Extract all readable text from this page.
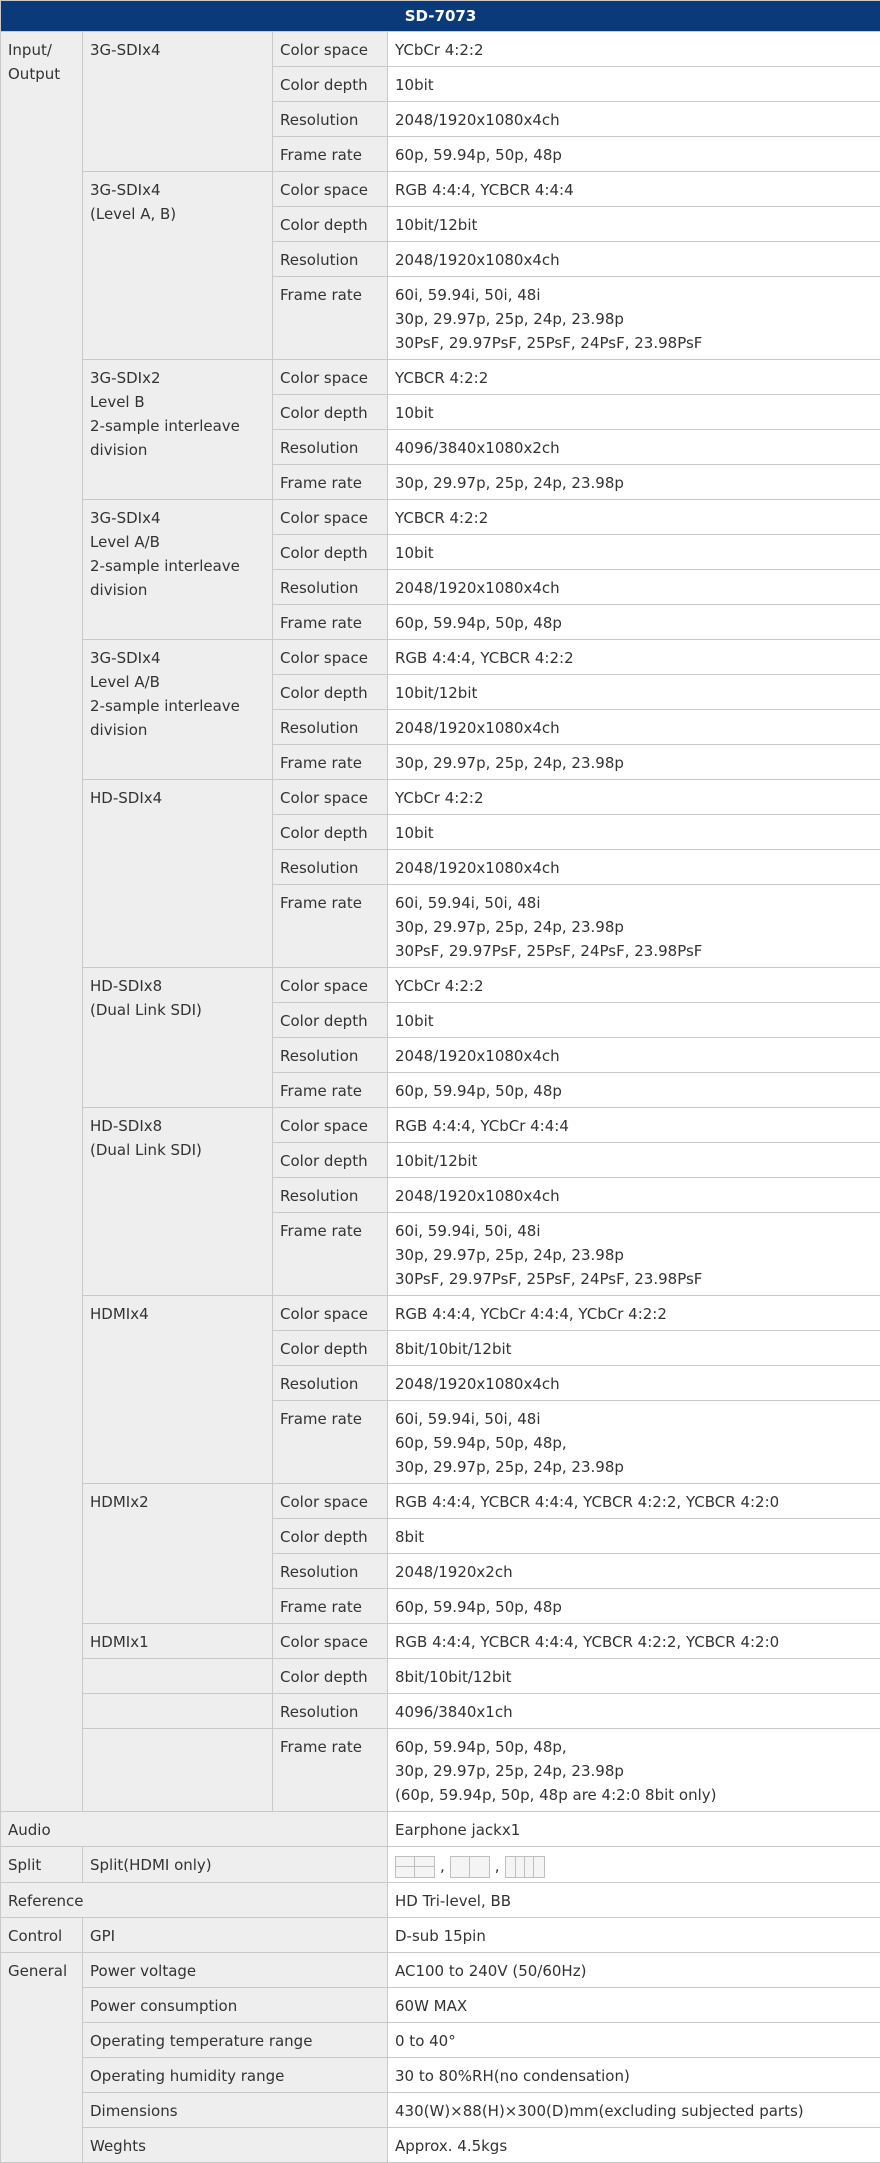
SD-7073			

Input/
Output	3G-SDIx4	Color space	YCbCr 4:2:2

		Color depth	10bit

		Resolution	2048/1920x1080x4ch

		Frame rate	60p, 59.94p, 50p, 48p

	3G-SDIx4
(Level A, B)	Color space	RGB 4:4:4, YCBCR 4:4:4

		Color depth	10bit/12bit

		Resolution	2048/1920x1080x4ch

		Frame rate	60i, 59.94i, 50i, 48i
30p, 29.97p, 25p, 24p, 23.98p
30PsF, 29.97PsF, 25PsF, 24PsF, 23.98PsF

	3G-SDIx2
Level B
2-sample interleave
division	Color space	YCBCR 4:2:2

		Color depth	10bit

		Resolution	4096/3840x1080x2ch

		Frame rate	30p, 29.97p, 25p, 24p, 23.98p

	3G-SDIx4
Level A/B
2-sample interleave
division	Color space	YCBCR 4:2:2

		Color depth	10bit

		Resolution	2048/1920x1080x4ch

		Frame rate	60p, 59.94p, 50p, 48p

	3G-SDIx4
Level A/B
2-sample interleave
division	Color space	RGB 4:4:4, YCBCR 4:2:2

		Color depth	10bit/12bit

		Resolution	2048/1920x1080x4ch

		Frame rate	30p, 29.97p, 25p, 24p, 23.98p

	HD-SDIx4	Color space	YCbCr 4:2:2

		Color depth	10bit

		Resolution	2048/1920x1080x4ch

		Frame rate	60i, 59.94i, 50i, 48i
30p, 29.97p, 25p, 24p, 23.98p
30PsF, 29.97PsF, 25PsF, 24PsF, 23.98PsF

	HD-SDIx8
(Dual Link SDI)	Color space	YCbCr 4:2:2

		Color depth	10bit

		Resolution	2048/1920x1080x4ch

		Frame rate	60p, 59.94p, 50p, 48p

	HD-SDIx8
(Dual Link SDI)	Color space	RGB 4:4:4, YCbCr 4:4:4

		Color depth	10bit/12bit

		Resolution	2048/1920x1080x4ch

		Frame rate	60i, 59.94i, 50i, 48i
30p, 29.97p, 25p, 24p, 23.98p
30PsF, 29.97PsF, 25PsF, 24PsF, 23.98PsF

	HDMIx4	Color space	RGB 4:4:4, YCbCr 4:4:4, YCbCr 4:2:2

		Color depth	8bit/10bit/12bit

		Resolution	2048/1920x1080x4ch

		Frame rate	60i, 59.94i, 50i, 48i
60p, 59.94p, 50p, 48p,
30p, 29.97p, 25p, 24p, 23.98p

	HDMIx2	Color space	RGB 4:4:4, YCBCR 4:4:4, YCBCR 4:2:2, YCBCR 4:2:0

		Color depth	8bit

		Resolution	2048/1920x2ch

		Frame rate	60p, 59.94p, 50p, 48p

	HDMIx1	Color space	RGB 4:4:4, YCBCR 4:4:4, YCBCR 4:2:2, YCBCR 4:2:0

		Color depth	8bit/10bit/12bit

		Resolution	4096/3840x1ch

		Frame rate	60p, 59.94p, 50p, 48p,
30p, 29.97p, 25p, 24p, 23.98p
(60p, 59.94p, 50p, 48p are 4:2:0 8bit only)

Audio			Earphone jackx1
Split	Split(HDMI only)		, ,

Reference			HD Tri-level, BB
Control	GPI		D-sub 15pin
General	Power voltage		AC100 to 240V (50/60Hz)
	Power consumption		60W MAX
	Operating temperature range		0 to 40°
	Operating humidity range		30 to 80%RH(no condensation)
	Dimensions		430(W)×88(H)×300(D)mm(excluding subjected parts)
	Weghts		Approx. 4.5kgs
